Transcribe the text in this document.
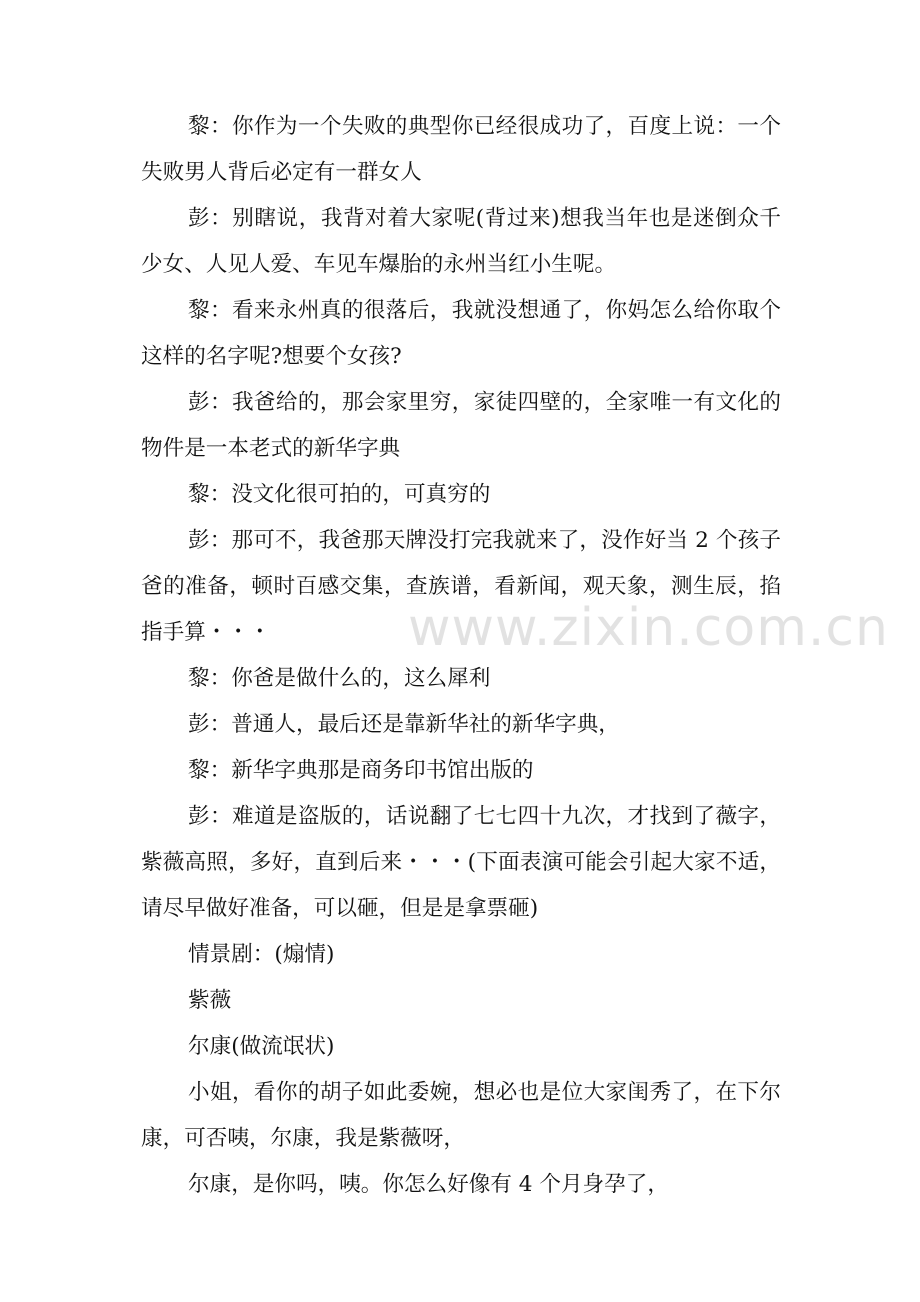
黎：你作为一个失败的典型你已经很成功了，百度上说：一个失败男人背后必定有一群女人

彭：别瞎说，我背对着大家呢(背过来)想我当年也是迷倒众千少女、人见人爱、车见车爆胎的永州当红小生呢。

黎：看来永州真的很落后，我就没想通了，你妈怎么给你取个这样的名字呢?想要个女孩?

彭：我爸给的，那会家里穷，家徒四壁的，全家唯一有文化的物件是一本老式的新华字典

黎：没文化很可拍的，可真穷的

彭：那可不，我爸那天牌没打完我就来了，没作好当 2 个孩子爸的准备，顿时百感交集，查族谱，看新闻，观天象，测生辰，掐指手算・・・

黎：你爸是做什么的，这么犀利

彭：普通人，最后还是靠新华社的新华字典，

黎：新华字典那是商务印书馆出版的

彭：难道是盗版的，话说翻了七七四十九次，才找到了薇字，紫薇高照，多好，直到后来・・・(下面表演可能会引起大家不适，请尽早做好准备，可以砸，但是是拿票砸)

情景剧：(煽情)

紫薇

尔康(做流氓状)

小姐，看你的胡子如此委婉，想必也是位大家闺秀了，在下尔康，可否咦，尔康，我是紫薇呀，

尔康，是你吗，咦。你怎么好像有 4 个月身孕了，

www.zixin.com.cn
